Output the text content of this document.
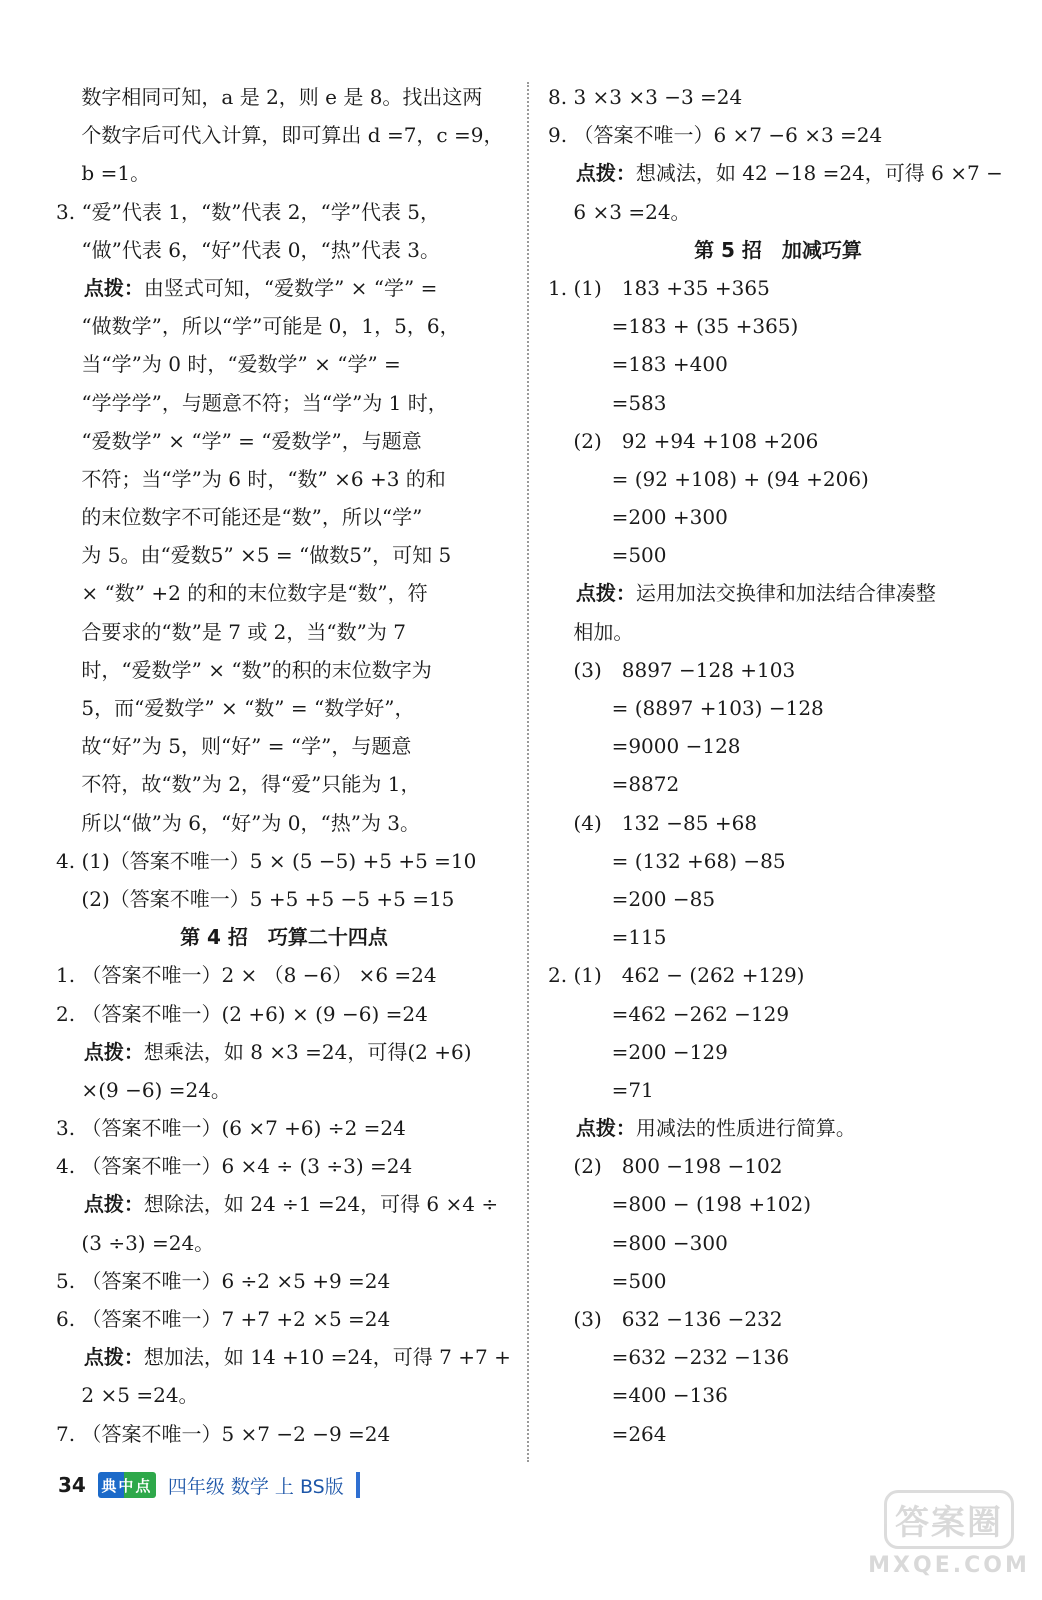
数字相同可知，a 是 2，则 e 是 8。找出这两
个数字后可代入计算，即可算出 d =7，c =9，
b =1。
3. “爱”代表 1，“数”代表 2，“学”代表 5，
“做”代表 6，“好”代表 0，“热”代表 3。
点拨：由竖式可知，“爱数学” × “学” =
“做数学”，所以“学”可能是 0，1，5，6，
当“学”为 0 时，“爱数学” × “学” =
“学学学”，与题意不符；当“学”为 1 时，
“爱数学” × “学” = “爱数学”，与题意
不符；当“学”为 6 时，“数” ×6 +3 的和
的末位数字不可能还是“数”，所以“学”
为 5。由“爱数5” ×5 = “做数5”，可知 5
× “数” +2 的和的末位数字是“数”，符
合要求的“数”是 7 或 2，当“数”为 7
时，“爱数学” × “数”的积的末位数字为
5，而“爱数学” × “数” = “数学好”，
故“好”为 5，则“好” = “学”，与题意
不符，故“数”为 2，得“爱”只能为 1，
所以“做”为 6，“好”为 0，“热”为 3。
4. (1)（答案不唯一）5 × (5 −5) +5 +5 =10
(2)（答案不唯一）5 +5 +5 −5 +5 =15
第 4 招　巧算二十四点
1. （答案不唯一）2 × （8 −6） ×6 =24
2. （答案不唯一）(2 +6) × (9 −6) =24
点拨：想乘法，如 8 ×3 =24，可得(2 +6)
×(9 −6) =24。
3. （答案不唯一）(6 ×7 +6) ÷2 =24
4. （答案不唯一）6 ×4 ÷ (3 ÷3) =24
点拨：想除法，如 24 ÷1 =24，可得 6 ×4 ÷
(3 ÷3) =24。
5. （答案不唯一）6 ÷2 ×5 +9 =24
6. （答案不唯一）7 +7 +2 ×5 =24
点拨：想加法，如 14 +10 =24，可得 7 +7 +
2 ×5 =24。
7. （答案不唯一）5 ×7 −2 −9 =24
8. 3 ×3 ×3 −3 =24
9. （答案不唯一）6 ×7 −6 ×3 =24
点拨：想减法，如 42 −18 =24，可得 6 ×7 −
6 ×3 =24。
第 5 招　加减巧算
1. (1)　183 +35 +365
=183 + (35 +365)
=183 +400
=583
(2)　92 +94 +108 +206
= (92 +108) + (94 +206)
=200 +300
=500
点拨：运用加法交换律和加法结合律凑整
相加。
(3)　8897 −128 +103
= (8897 +103) −128
=9000 −128
=8872
(4)　132 −85 +68
= (132 +68) −85
=200 −85
=115
2. (1)　462 − (262 +129)
=462 −262 −129
=200 −129
=71
点拨：用减法的性质进行简算。
(2)　800 −198 −102
=800 − (198 +102)
=800 −300
=500
(3)　632 −136 −232
=632 −232 −136
=400 −136
=264
34 典中点 四年级 数学 上 BS版
答案圈
MXQE.COM
